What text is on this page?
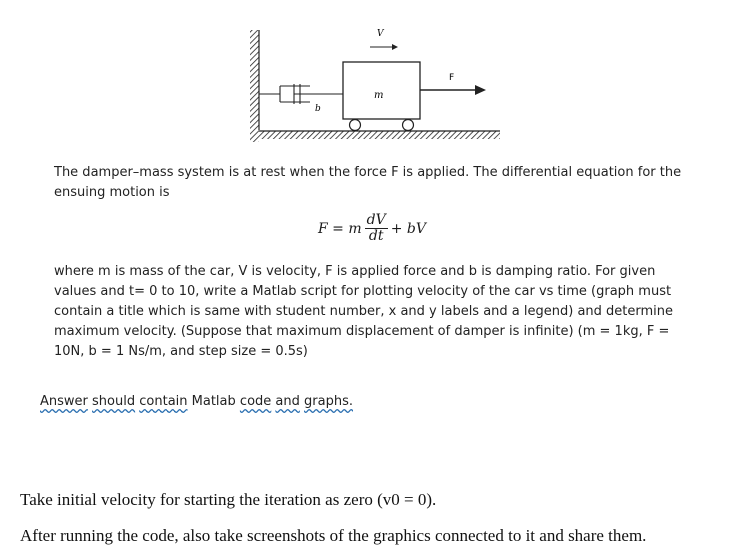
V
m
F
b
The damper–mass system is at rest when the force F is applied. The differential equation for the ensuing motion is
F = m $\frac{dV}{dt}$ + bV
where m is mass of the car, V is velocity, F is applied force and b is damping ratio. For given values and t= 0 to 10, write a Matlab script for plotting velocity of the car vs time (graph must contain a title which is same with student number, x and y labels and a legend) and determine maximum velocity. (Suppose that maximum displacement of damper is infinite) (m = 1kg, F = 10N, b = 1 Ns/m, and step size = 0.5s)
Answer should contain Matlab code and graphs.
Take initial velocity for starting the iteration as zero (v0 = 0).
After running the code, also take screenshots of the graphics connected to it and share them.
